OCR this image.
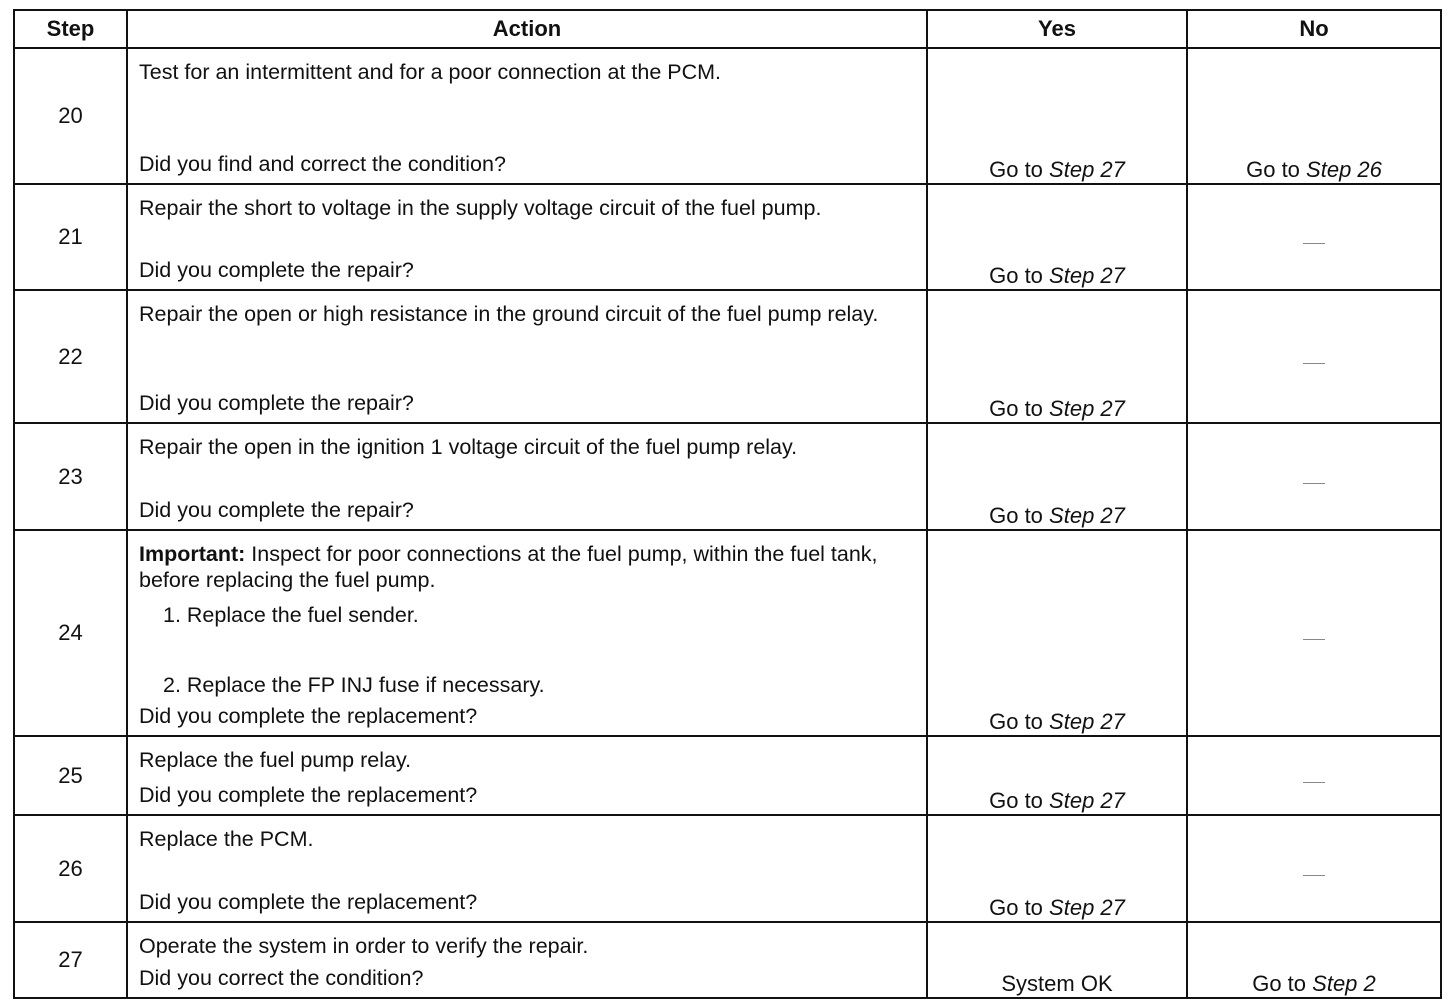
Step	Action	Yes	No
20	Test for an intermittent and for a poor connection at the PCM.
Did you find and correct the condition?	Go to Step 27	Go to Step 26
21	Repair the short to voltage in the supply voltage circuit of the fuel pump.
Did you complete the repair?	Go to Step 27	
22	Repair the open or high resistance in the ground circuit of the fuel pump relay.
Did you complete the repair?	Go to Step 27	
23	Repair the open in the ignition 1 voltage circuit of the fuel pump relay.
Did you complete the repair?	Go to Step 27	
24	Important: Inspect for poor connections at the fuel pump, within the fuel tank, before replacing the fuel pump.
1. Replace the fuel sender.
2. Replace the FP INJ fuse if necessary.
Did you complete the replacement?	Go to Step 27	
25	Replace the fuel pump relay.
Did you complete the replacement?	Go to Step 27	
26	Replace the PCM.
Did you complete the replacement?	Go to Step 27	
27	Operate the system in order to verify the repair.
Did you correct the condition?	System OK	Go to Step 2
